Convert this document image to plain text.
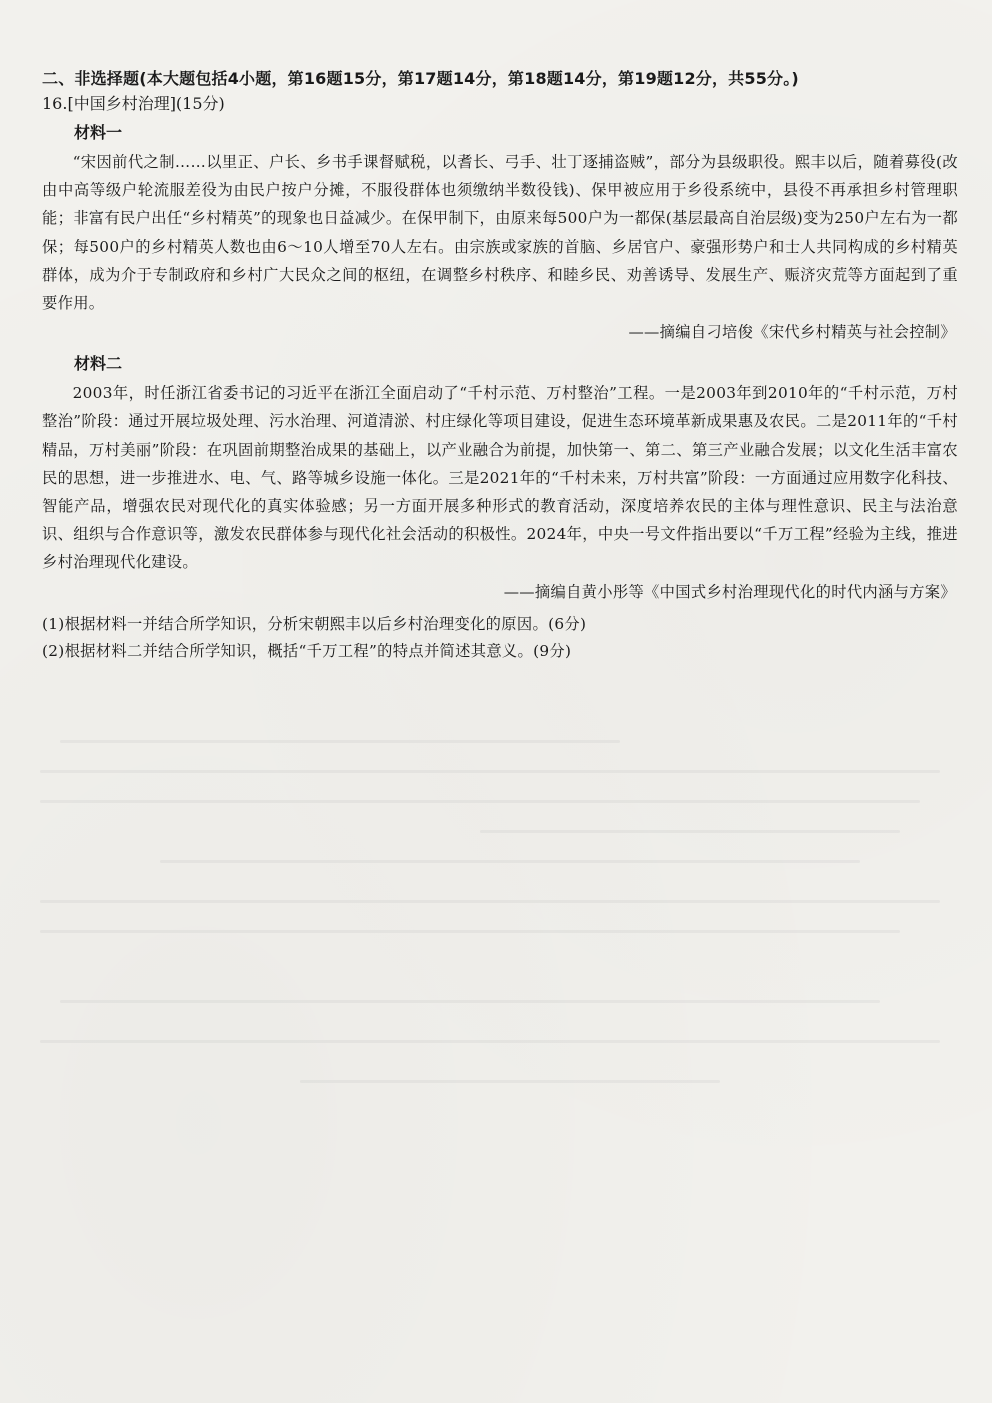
二、非选择题(本大题包括4小题，第16题15分，第17题14分，第18题14分，第19题12分，共55分。)
16.[中国乡村治理](15分)
材料一

“宋因前代之制……以里正、户长、乡书手课督赋税，以耆长、弓手、壮丁逐捕盗贼”，部分为县级职役。熙丰以后，随着募役(改由中高等级户轮流服差役为由民户按户分摊，不服役群体也须缴纳半数役钱)、保甲被应用于乡役系统中，县役不再承担乡村管理职能；非富有民户出任“乡村精英”的现象也日益减少。在保甲制下，由原来每500户为一都保(基层最高自治层级)变为250户左右为一都保；每500户的乡村精英人数也由6～10人增至70人左右。由宗族或家族的首脑、乡居官户、豪强形势户和士人共同构成的乡村精英群体，成为介于专制政府和乡村广大民众之间的枢纽，在调整乡村秩序、和睦乡民、劝善诱导、发展生产、赈济灾荒等方面起到了重要作用。

——摘编自刁培俊《宋代乡村精英与社会控制》

材料二

2003年，时任浙江省委书记的习近平在浙江全面启动了“千村示范、万村整治”工程。一是2003年到2010年的“千村示范，万村整治”阶段：通过开展垃圾处理、污水治理、河道清淤、村庄绿化等项目建设，促进生态环境革新成果惠及农民。二是2011年的“千村精品，万村美丽”阶段：在巩固前期整治成果的基础上，以产业融合为前提，加快第一、第二、第三产业融合发展；以文化生活丰富农民的思想，进一步推进水、电、气、路等城乡设施一体化。三是2021年的“千村未来，万村共富”阶段：一方面通过应用数字化科技、智能产品，增强农民对现代化的真实体验感；另一方面开展多种形式的教育活动，深度培养农民的主体与理性意识、民主与法治意识、组织与合作意识等，激发农民群体参与现代化社会活动的积极性。2024年，中央一号文件指出要以“千万工程”经验为主线，推进乡村治理现代化建设。

——摘编自黄小彤等《中国式乡村治理现代化的时代内涵与方案》

(1)根据材料一并结合所学知识，分析宋朝熙丰以后乡村治理变化的原因。(6分)

(2)根据材料二并结合所学知识，概括“千万工程”的特点并简述其意义。(9分)
